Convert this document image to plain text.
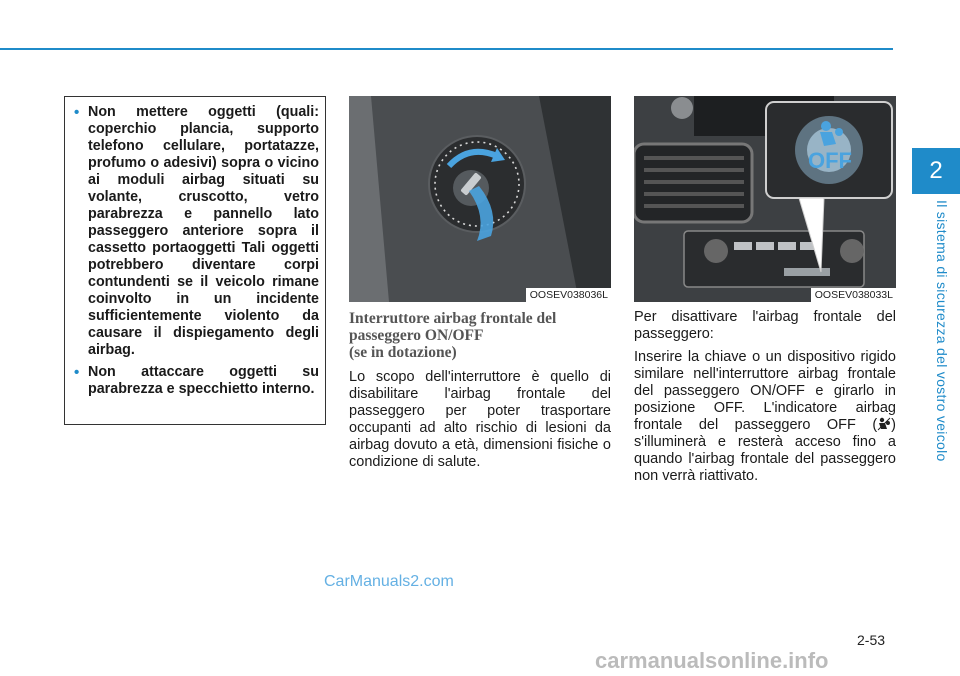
2
Il sistema di sicurezza del vostro veicolo
• Non mettere oggetti (quali: coperchio plancia, supporto telefono cellulare, portatazze, profumo o adesivi) sopra o vicino ai moduli airbag situati su volante, cruscotto, vetro parabrezza e pannello lato passeggero anteriore sopra il cassetto portaoggetti Tali oggetti potrebbero diventare corpi contundenti se il veicolo rimane coinvolto in un incidente sufficientemente violento da causare il dispiegamento degli airbag.
• Non attaccare oggetti su parabrezza e specchietto interno.
OOSEV038036L
OFF
OOSEV038033L
Interruttore airbag frontale del
passeggero ON/OFF
(se in dotazione)

Lo scopo dell'interruttore è quello di disabilitare l'airbag frontale del passeggero per poter trasportare occupanti ad alto rischio di lesioni da airbag dovuto a età, dimensioni fisiche o condizione di salute.

Per disattivare l'airbag frontale del passeggero:

Inserire la chiave o un dispositivo rigido similare nell'interruttore airbag frontale del passeggero ON/OFF e girarlo in posizione OFF. L'indicatore airbag frontale del passeggero OFF ( ) s'illuminerà e resterà acceso fino a quando l'airbag frontale del passeggero non verrà riattivato.

2-53
CarManuals2.com
carmanualsonline.info
